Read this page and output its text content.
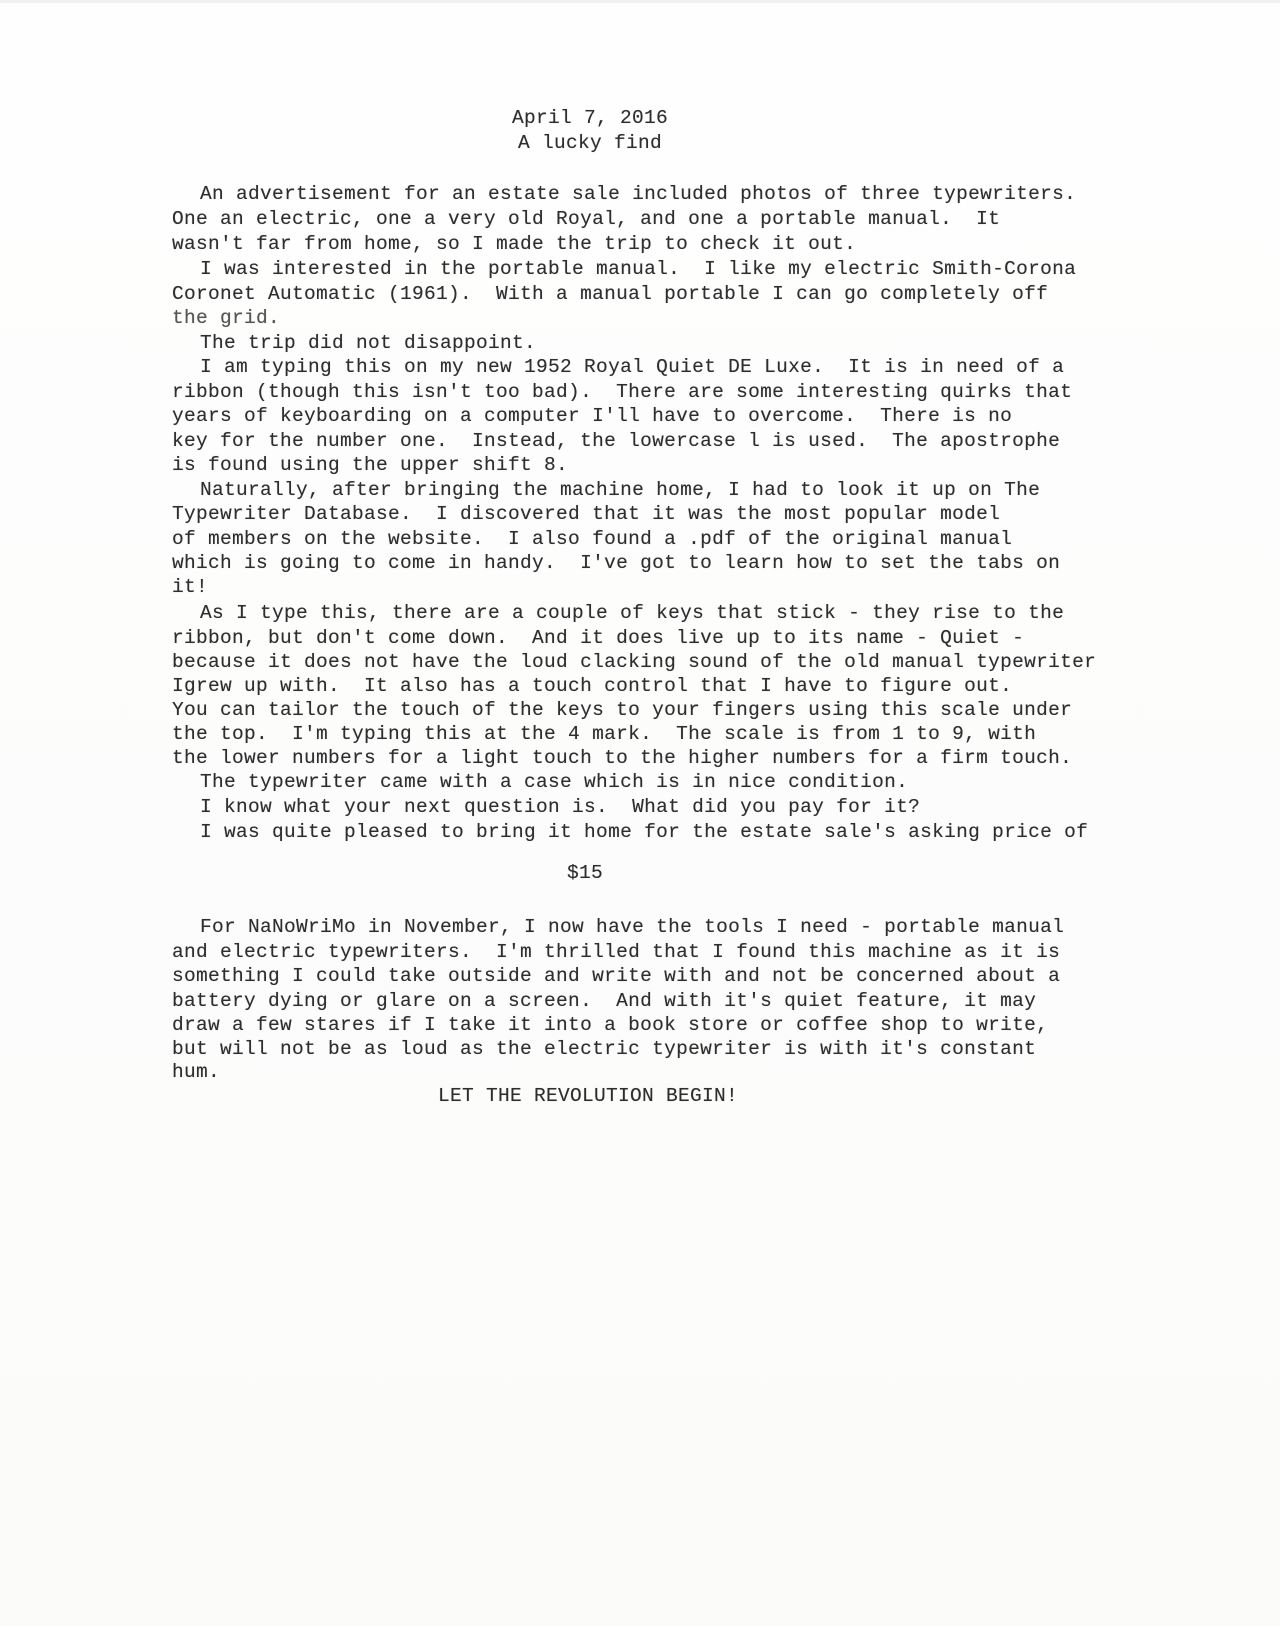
April 7, 2016

A lucky find

An advertisement for an estate sale included photos of three typewriters.

One an electric, one a very old Royal, and one a portable manual.  It

wasn't far from home, so I made the trip to check it out.

I was interested in the portable manual.  I like my electric Smith-Corona

Coronet Automatic (1961).  With a manual portable I can go completely off

the grid.

The trip did not disappoint.

I am typing this on my new 1952 Royal Quiet DE Luxe.  It is in need of a

ribbon (though this isn't too bad).  There are some interesting quirks that

years of keyboarding on a computer I'll have to overcome.  There is no

key for the number one.  Instead, the lowercase l is used.  The apostrophe

is found using the upper shift 8.

Naturally, after bringing the machine home, I had to look it up on The

Typewriter Database.  I discovered that it was the most popular model

of members on the website.  I also found a .pdf of the original manual

which is going to come in handy.  I've got to learn how to set the tabs on

it!

As I type this, there are a couple of keys that stick - they rise to the

ribbon, but don't come down.  And it does live up to its name - Quiet -

because it does not have the loud clacking sound of the old manual typewriter

Igrew up with.  It also has a touch control that I have to figure out.

You can tailor the touch of the keys to your fingers using this scale under

the top.  I'm typing this at the 4 mark.  The scale is from 1 to 9, with

the lower numbers for a light touch to the higher numbers for a firm touch.

The typewriter came with a case which is in nice condition.

I know what your next question is.  What did you pay for it?

I was quite pleased to bring it home for the estate sale's asking price of

$15

For NaNoWriMo in November, I now have the tools I need - portable manual

and electric typewriters.  I'm thrilled that I found this machine as it is

something I could take outside and write with and not be concerned about a

battery dying or glare on a screen.  And with it's quiet feature, it may

draw a few stares if I take it into a book store or coffee shop to write,

but will not be as loud as the electric typewriter is with it's constant

hum.

LET THE REVOLUTION BEGIN!
